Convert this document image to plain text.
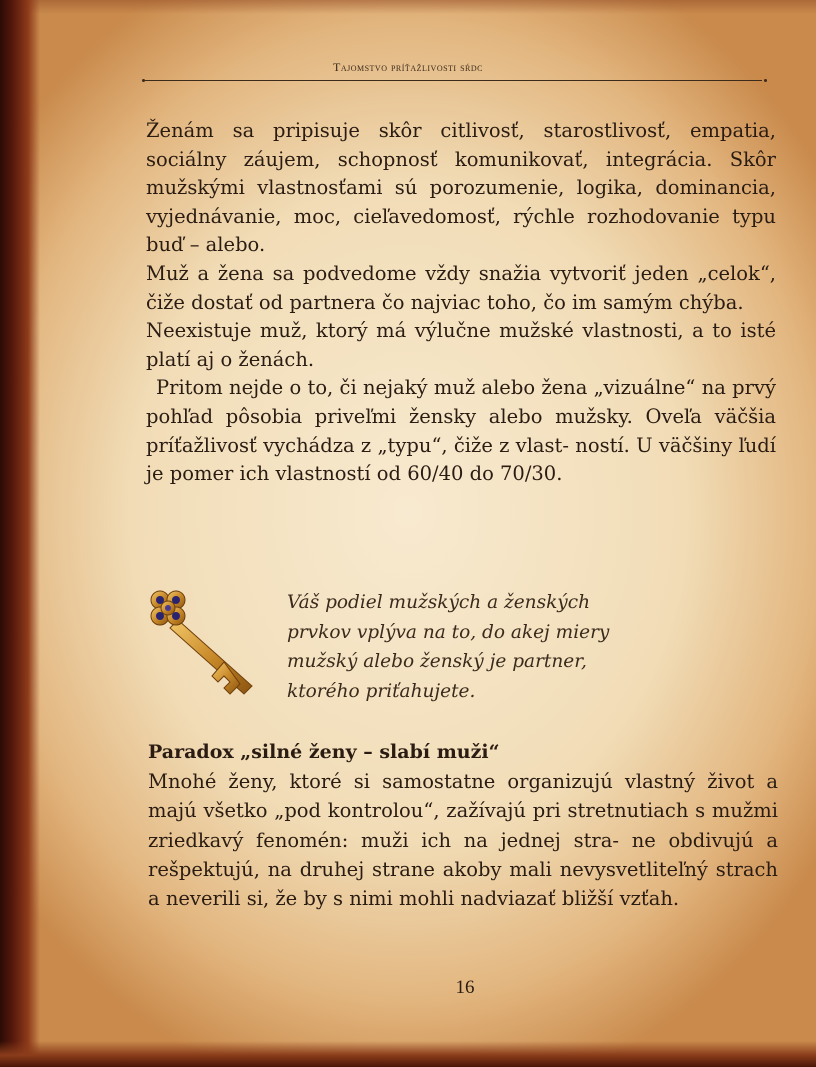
Tajomstvo príťažlivosti sŕdc

Ženám sa pripisuje skôr citlivosť, starostlivosť, empatia, sociálny záujem, schopnosť komunikovať, integrácia. Skôr mužskými vlastnosťami sú porozumenie, logika, dominancia, vyjednávanie, moc, cieľavedomosť, rýchle rozhodovanie typu buď – alebo.

Muž a žena sa podvedome vždy snažia vytvoriť jeden „celok“, čiže dostať od partnera čo najviac toho, čo im samým chýba.

Neexistuje muž, ktorý má výlučne mužské vlastnosti, a to isté platí aj o ženách.

Pritom nejde o to, či nejaký muž alebo žena „vizuálne“ na prvý pohľad pôsobia priveľmi žensky alebo mužsky. Oveľa väčšia príťažlivosť vychádza z „typu“, čiže z vlast- ností. U väčšiny ľudí je pomer ich vlastností od 60/40 do 70/30.

Váš podiel mužských a ženských

prvkov vplýva na to, do akej miery

mužský alebo ženský je partner,

ktorého priťahujete.

Paradox „silné ženy – slabí muži“

Mnohé ženy, ktoré si samostatne organizujú vlastný život a majú všetko „pod kontrolou“, zažívajú pri stretnutiach s mužmi zriedkavý fenomén: muži ich na jednej stra- ne obdivujú a rešpektujú, na druhej strane akoby mali nevysvetliteľný strach a neverili si, že by s nimi mohli nadviazať bližší vzťah.

16
